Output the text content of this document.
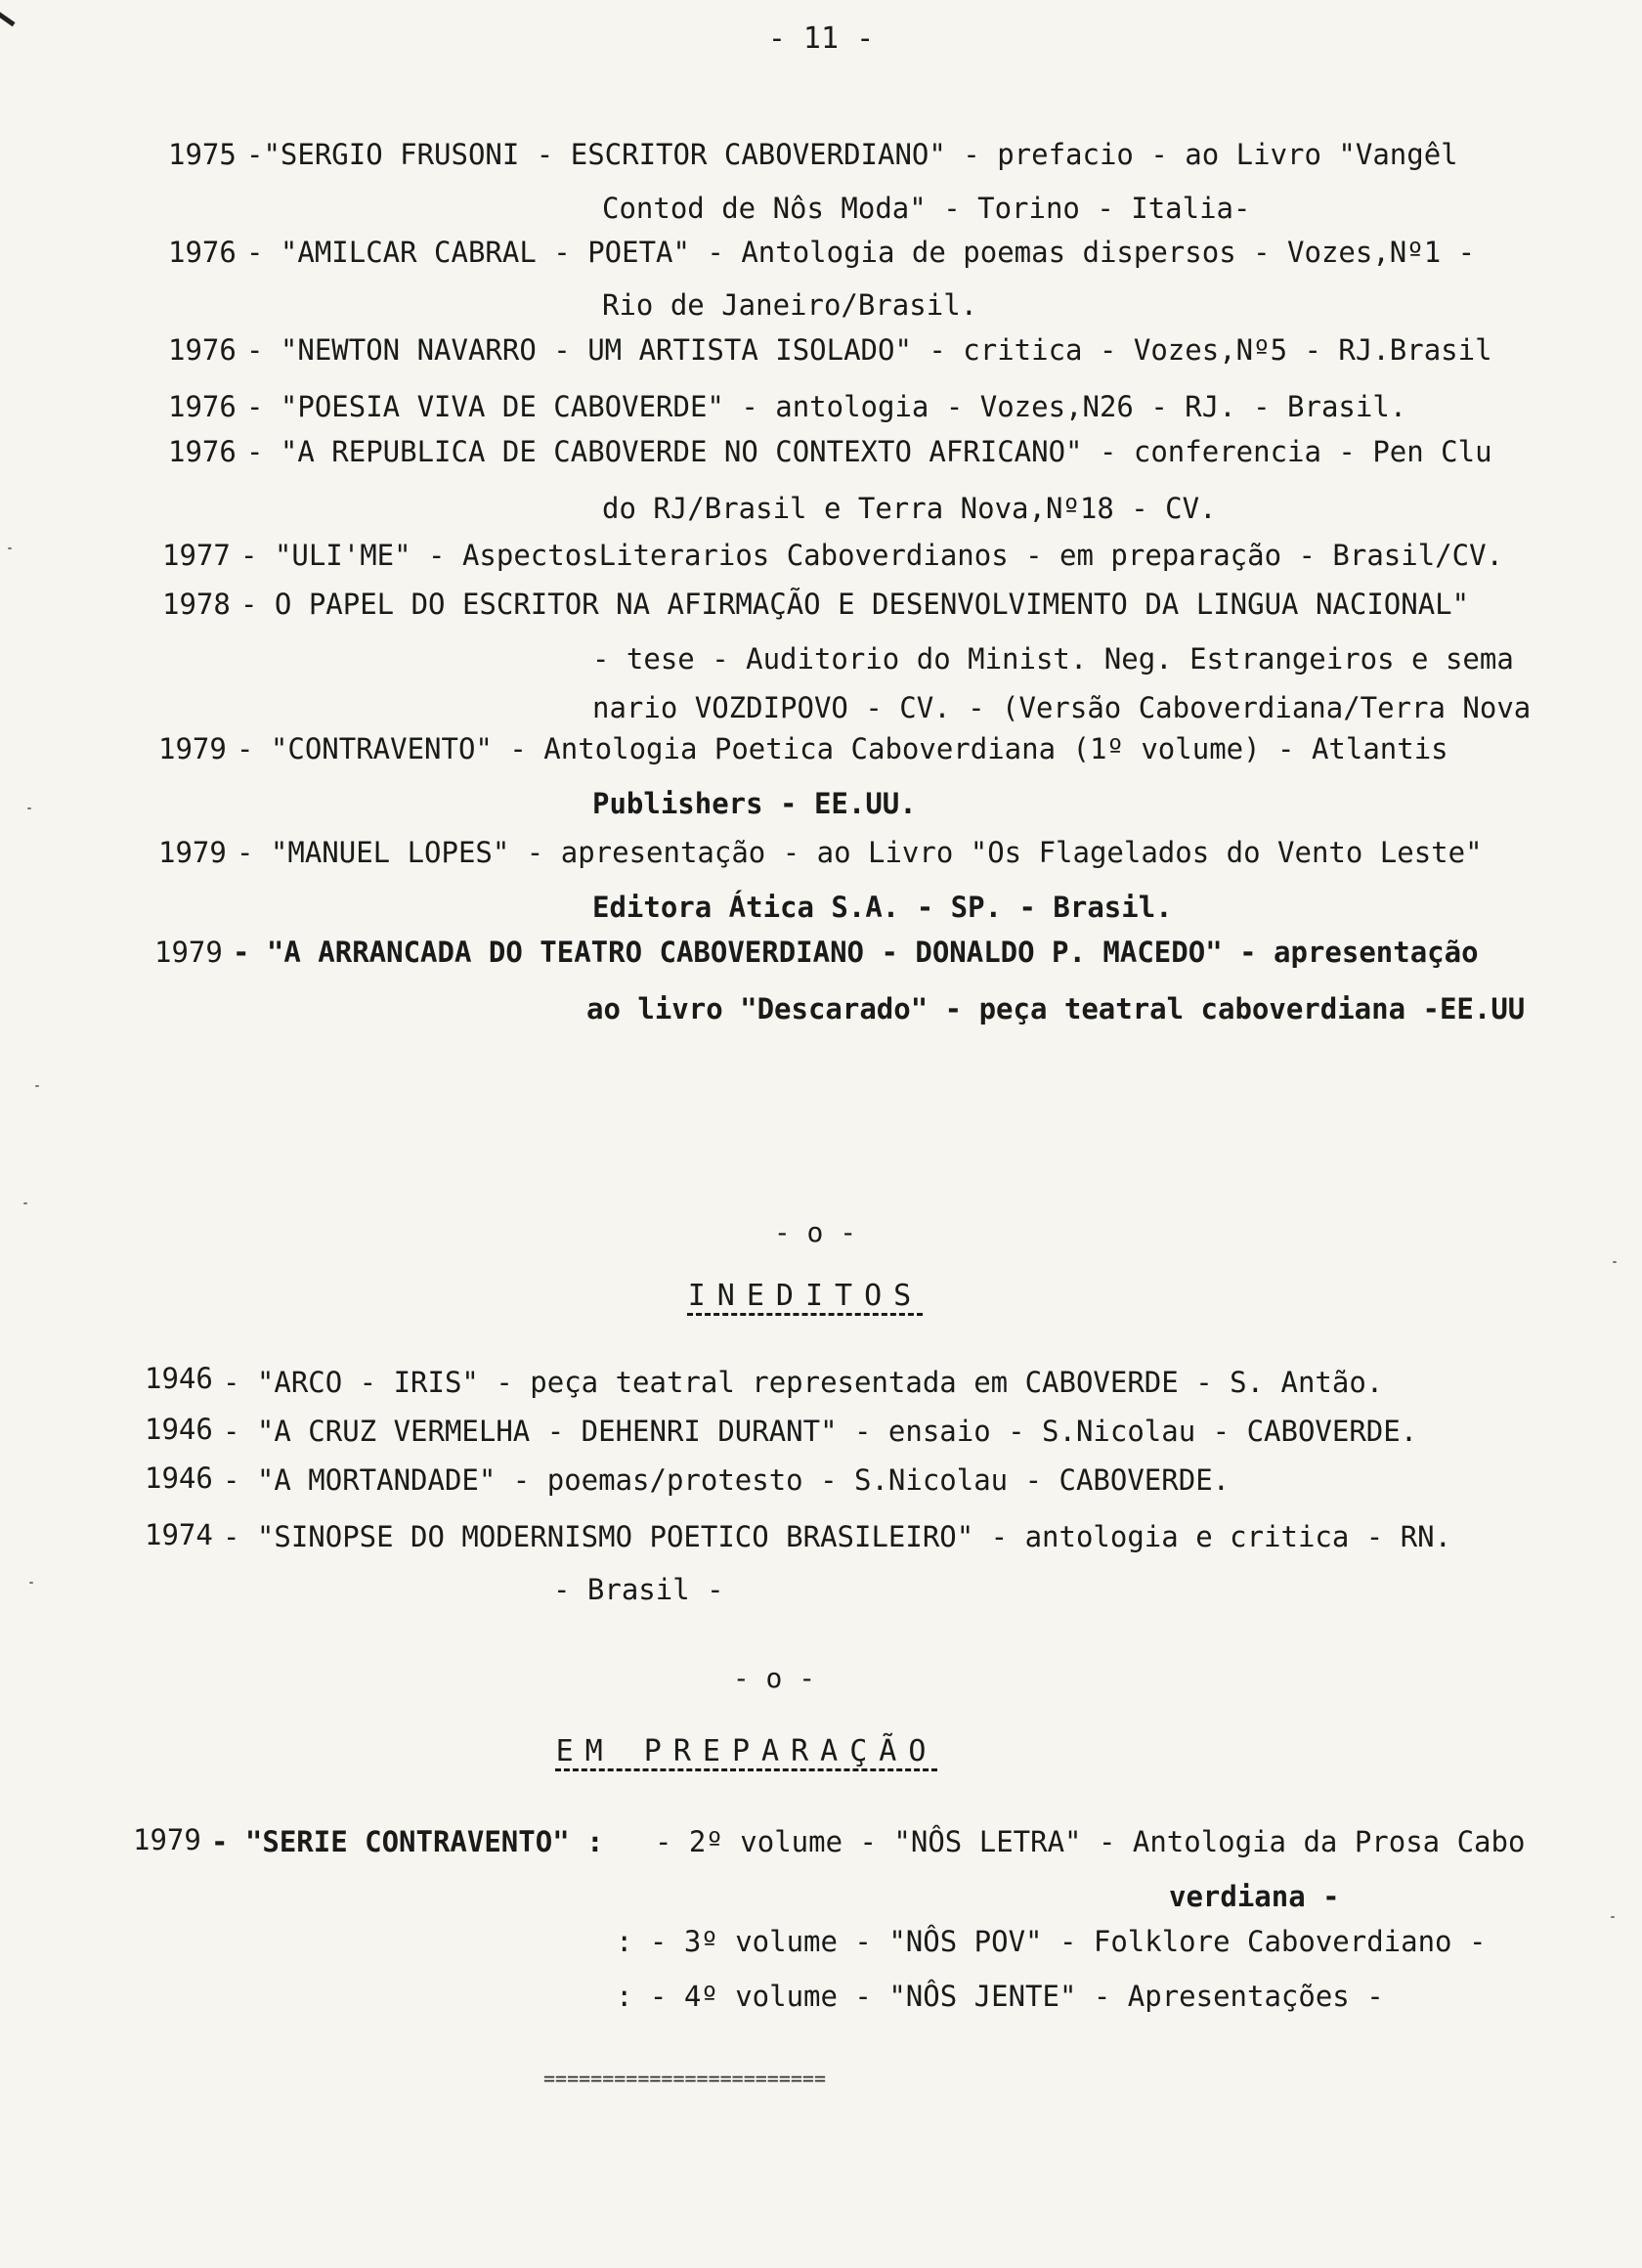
- 11 -
1975 -"SERGIO FRUSONI - ESCRITOR CABOVERDIANO" - prefacio - ao Livro "Vangêl
Contod de Nôs Moda" - Torino - Italia-
1976 - "AMILCAR CABRAL - POETA" - Antologia de poemas dispersos - Vozes,Nº1 -
Rio de Janeiro/Brasil.
1976 - "NEWTON NAVARRO - UM ARTISTA ISOLADO" - critica - Vozes,Nº5 - RJ.Brasil
1976 - "POESIA VIVA DE CABOVERDE" - antologia - Vozes,N26 - RJ. - Brasil.
1976 - "A REPUBLICA DE CABOVERDE NO CONTEXTO AFRICANO" - conferencia - Pen Clu
do RJ/Brasil e Terra Nova,Nº18 - CV.
1977 - "ULI'ME" - AspectosLiterarios Caboverdianos - em preparação - Brasil/CV.
1978 - O PAPEL DO ESCRITOR NA AFIRMAÇÃO E DESENVOLVIMENTO DA LINGUA NACIONAL"
- tese - Auditorio do Minist. Neg. Estrangeiros e sema
nario VOZDIPOVO - CV. - (Versão Caboverdiana/Terra Nova
1979 - "CONTRAVENTO" - Antologia Poetica Caboverdiana (1º volume) - Atlantis
Publishers - EE.UU.
1979 - "MANUEL LOPES" - apresentação - ao Livro "Os Flagelados do Vento Leste"
Editora Ática S.A. - SP. - Brasil.
1979 - "A ARRANCADA DO TEATRO CABOVERDIANO - DONALDO P. MACEDO" - apresentação
ao livro "Descarado" - peça teatral caboverdiana -EE.UU
- o -
INEDITOS
1946 - "ARCO - IRIS" - peça teatral representada em CABOVERDE - S. Antão.
1946 - "A CRUZ VERMELHA - DEHENRI DURANT" - ensaio - S.Nicolau - CABOVERDE.
1946 - "A MORTANDADE" - poemas/protesto - S.Nicolau - CABOVERDE.
1974 - "SINOPSE DO MODERNISMO POETICO BRASILEIRO" - antologia e critica - RN.
- Brasil -
- o -
EM PREPARAÇÃO
1979 - "SERIE CONTRAVENTO" : - 2º volume - "NÔS LETRA" - Antologia da Prosa Cabo
verdiana -
: - 3º volume - "NÔS POV" - Folklore Caboverdiano -
: - 4º volume - "NÔS JENTE" - Apresentações -
========================
